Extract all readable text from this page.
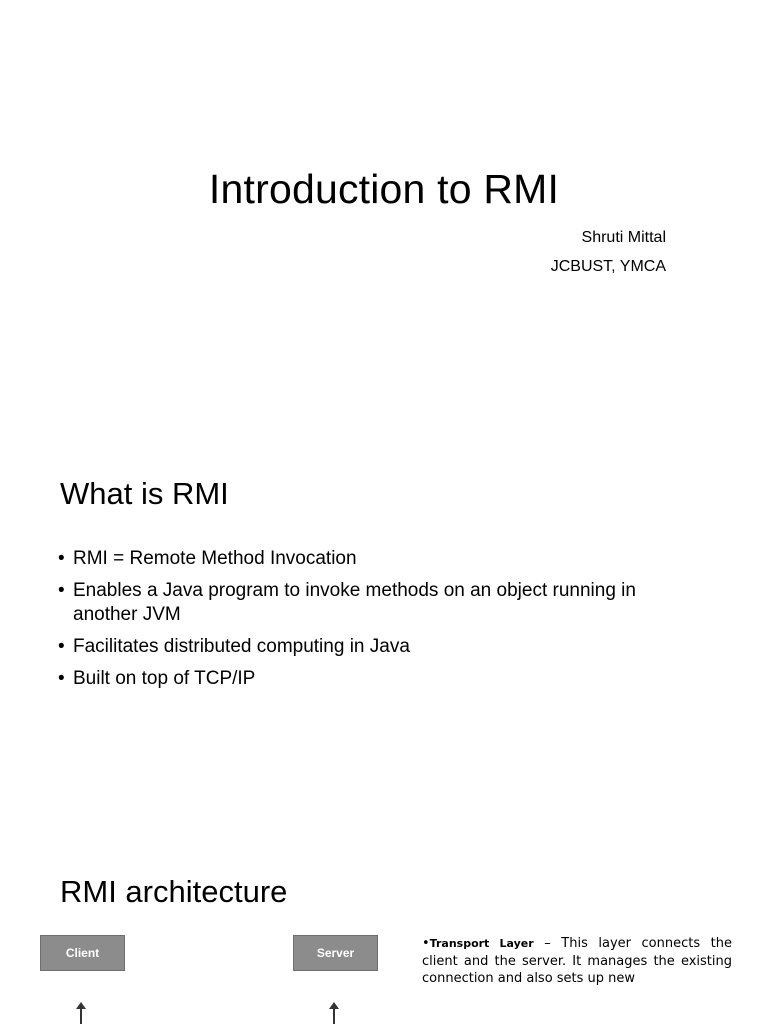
Introduction to RMI
Shruti Mittal
JCBUST, YMCA
What is RMI
• RMI = Remote Method Invocation
• Enables a Java program to invoke methods on an object running in another JVM
• Facilitates distributed computing in Java
• Built on top of TCP/IP
RMI architecture
Client	Server
•Transport Layer – This layer connects the client and the server. It manages the existing connection and also sets up new
